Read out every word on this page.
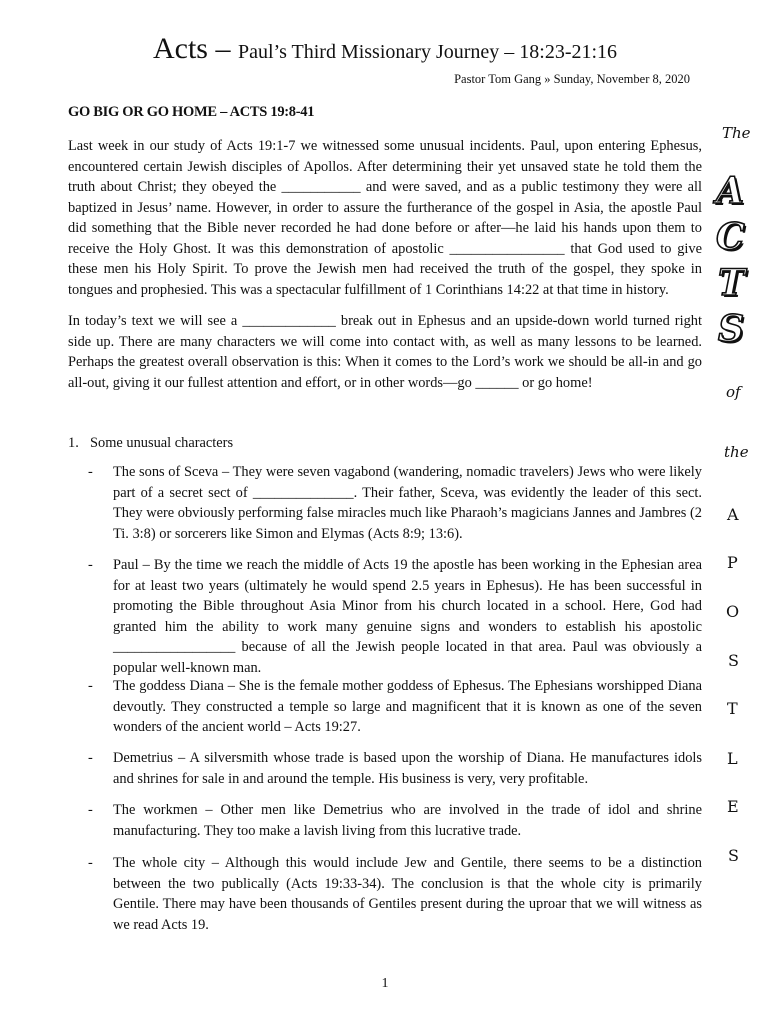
Acts – Paul’s Third Missionary Journey – 18:23-21:16
Pastor Tom Gang » Sunday, November 8, 2020
GO BIG OR GO HOME – ACTS 19:8-41

Last week in our study of Acts 19:1-7 we witnessed some unusual incidents. Paul, upon entering Ephesus, encountered certain Jewish disciples of Apollos. After determining their yet unsaved state he told them the truth about Christ; they obeyed the ___________ and were saved, and as a public testimony they were all baptized in Jesus’ name. However, in order to assure the furtherance of the gospel in Asia, the apostle Paul did something that the Bible never recorded he had done before or after—he laid his hands upon them to receive the Holy Ghost. It was this demonstration of apostolic ________________ that God used to give these men his Holy Spirit. To prove the Jewish men had received the truth of the gospel, they spoke in tongues and prophesied. This was a spectacular fulfillment of 1 Corinthians 14:22 at that time in history.

In today’s text we will see a _____________ break out in Ephesus and an upside-down world turned right side up. There are many characters we will come into contact with, as well as many lessons to be learned. Perhaps the greatest overall observation is this: When it comes to the Lord’s work we should be all-in and go all-out, giving it our fullest attention and effort, or in other words—go ______ or go home!

1. Some unusual characters
- The sons of Sceva – They were seven vagabond (wandering, nomadic travelers) Jews who were likely part of a secret sect of ______________. Their father, Sceva, was evidently the leader of this sect. They were obviously performing false miracles much like Pharaoh’s magicians Jannes and Jambres (2 Ti. 3:8) or sorcerers like Simon and Elymas (Acts 8:9; 13:6).
- Paul – By the time we reach the middle of Acts 19 the apostle has been working in the Ephesian area for at least two years (ultimately he would spend 2.5 years in Ephesus). He has been successful in promoting the Bible throughout Asia Minor from his church located in a school. Here, God had granted him the ability to work many genuine signs and wonders to establish his apostolic _________________ because of all the Jewish people located in that area. Paul was obviously a popular well-known man.
- The goddess Diana – She is the female mother goddess of Ephesus. The Ephesians worshipped Diana devoutly. They constructed a temple so large and magnificent that it is known as one of the seven wonders of the ancient world – Acts 19:27.
- Demetrius – A silversmith whose trade is based upon the worship of Diana. He manufactures idols and shrines for sale in and around the temple. His business is very, very profitable.
- The workmen – Other men like Demetrius who are involved in the trade of idol and shrine manufacturing. They too make a lavish living from this lucrative trade.
- The whole city – Although this would include Jew and Gentile, there seems to be a distinction between the two publically (Acts 19:33-34). The conclusion is that the whole city is primarily Gentile. There may have been thousands of Gentiles present during the uproar that we will witness as we read Acts 19.
The
A
C
T
S
of
the
A
P
O
S
T
L
E
S
1
